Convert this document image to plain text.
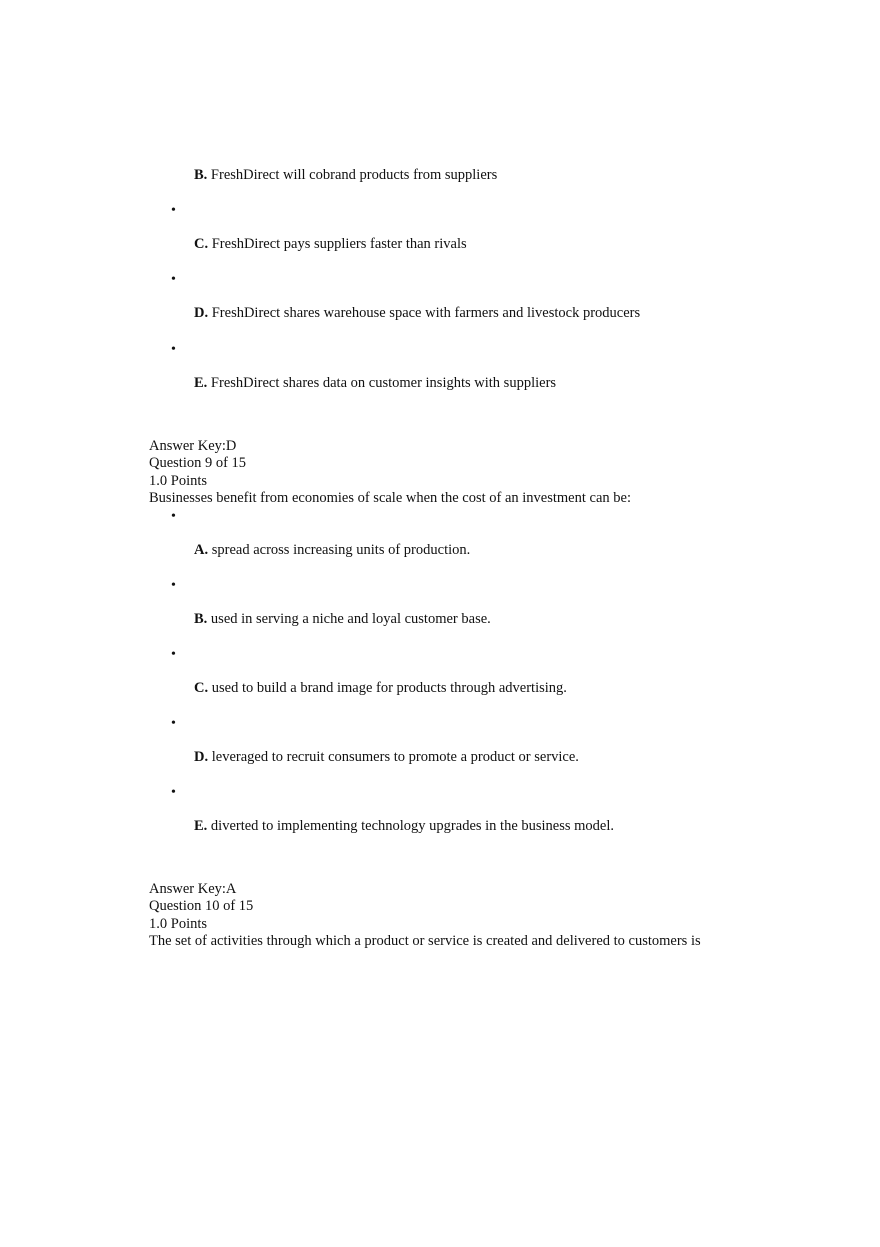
B. FreshDirect will cobrand products from suppliers
•
C. FreshDirect pays suppliers faster than rivals
•
D. FreshDirect shares warehouse space with farmers and livestock producers
•
E. FreshDirect shares data on customer insights with suppliers
Answer Key:D
Question 9 of 15
1.0 Points
Businesses benefit from economies of scale when the cost of an investment can be:
•
A. spread across increasing units of production.
•
B. used in serving a niche and loyal customer base.
•
C. used to build a brand image for products through advertising.
•
D. leveraged to recruit consumers to promote a product or service.
•
E. diverted to implementing technology upgrades in the business model.
Answer Key:A
Question 10 of 15
1.0 Points
The set of activities through which a product or service is created and delivered to customers is
